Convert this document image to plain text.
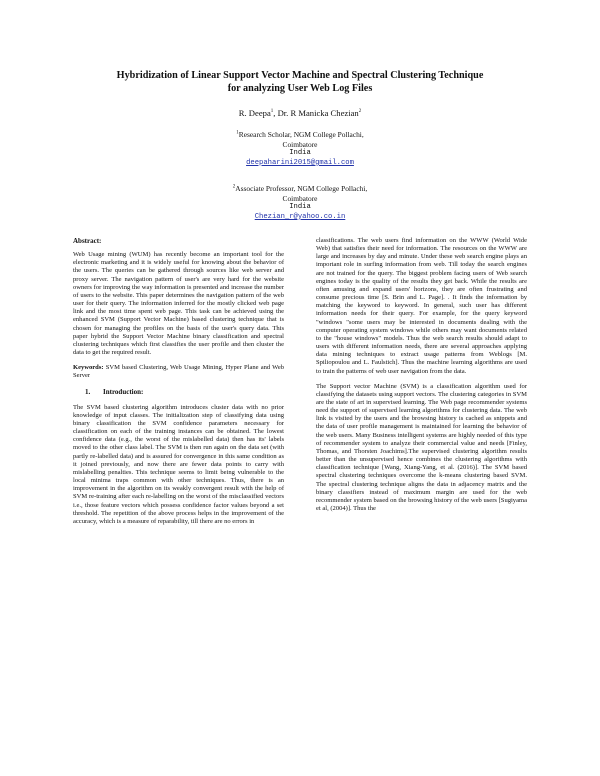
Hybridization of Linear Support Vector Machine and Spectral Clustering Technique
for analyzing User Web Log Files
R. Deepa$^1$, Dr. R Manicka Chezian$^2$
$^1$Research Scholar, NGM College Pollachi,
Coimbatore
India
deepaharini2015@gmail.com
$^2$Associate Professor, NGM College Pollachi,
Coimbatore
India
Chezian_r@yahoo.co.in
Abstract:

Web Usage mining (WUM) has recently become an important tool for the electronic marketing and it is widely useful for knowing about the behavior of the users. The queries can be gathered through sources like web server and proxy server. The navigation pattern of user's are very hard for the website owners for improving the way information is presented and increase the number of users to the website. This paper determines the navigation pattern of the web user for their query. The information inferred for the mostly clicked web page link and the most time spent web page. This task can be achieved using the enhanced SVM (Support Vector Machine) based clustering technique that is chosen for managing the profiles on the basis of the user's query data. This paper hybrid the Support Vector Machine binary classification and spectral clustering techniques which first classifies the user profile and then cluster the data to get the required result.

Keywords: SVM based Clustering, Web Usage Mining, Hyper Plane and Web Server

1. Introduction:

The SVM based clustering algorithm introduces cluster data with no prior knowledge of input classes. The initialization step of classifying data using binary classification the SVM confidence parameters necessary for classification on each of the training instances can be obtained. The lowest confidence data (e.g., the worst of the mislabelled data) then has its' labels moved to the other class label. The SVM is then run again on the data set (with partly re-labelled data) and is assured for convergence in this same condition as it joined previously, and now there are fewer data points to carry with mislabelling penalties. This technique seems to limit being vulnerable to the local minima traps common with other techniques. Thus, there is an improvement in the algorithm on its weakly convergent result with the help of SVM re-training after each re-labelling on the worst of the misclassified vectors i.e., those feature vectors which possess confidence factor values beyond a set threshold. The repetition of the above process helps in the improvement of the accuracy, which is a measure of reparability, till there are no errors in

classifications. The web users find information on the WWW (World Wide Web) that satisfies their need for information. The resources on the WWW are large and increases by day and minute. Under these web search engine plays an important role in surfing information from web. Till today the search engines are not trained for the query. The biggest problem facing users of Web search engines today is the quality of the results they get back. While the results are often amusing and expand users' horizons, they are often frustrating and consume precious time [S. Brin and L. Page]. . It finds the information by matching the keyword to keyword. In general, such user has different information needs for their query. For example, for the query keyword "windows "some users may be interested in documents dealing with the computer operating system windows while others may want documents related to the "house windows" models. Thus the web search results should adapt to users with different information needs, there are several approaches applying data mining techniques to extract usage patterns from Weblogs [M. Spiliopoulou and L. Faulstich]. Thus the machine learning algorithms are used to train the patterns of web user navigation from the data.

The Support vector Machine (SVM) is a classification algorithm used for classifying the datasets using support vectors. The clustering categories in SVM are the state of art in supervised learning. The Web page recommender systems need the support of supervised learning algorithms for clustering data. The web link is visited by the users and the browsing history is cached as snippets and the data of user profile management is maintained for learning the behavior of the web users. Many Business intelligent systems are highly needed of this type of recommender system to analyze their commercial value and needs [Finley, Thomas, and Thorsten Joachims].The supervised clustering algorithm results better than the unsupervised hence combines the clustering algorithms with classification technique [Wang, Xiang-Yang, et al. (2016)]. The SVM based spectral clustering techniques overcome the k-means clustering based SVM. The spectral clustering technique aligns the data in adjacency matrix and the binary classifiers instead of maximum margin are used for the web recommender system based on the browsing history of the web users [Sugiyama et al, (2004)]. Thus the
